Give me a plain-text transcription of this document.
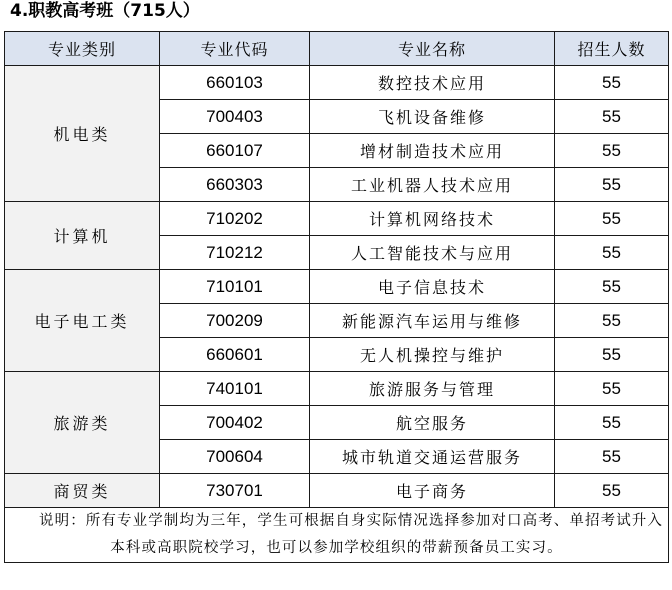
4.职教高考班（715人）
专业类别	专业代码	专业名称	招生人数
机电类	660103	数控技术应用	55
	700403	飞机设备维修	55
	660107	增材制造技术应用	55
	660303	工业机器人技术应用	55
计算机	710202	计算机网络技术	55
	710212	人工智能技术与应用	55
电子电工类	710101	电子信息技术	55
	700209	新能源汽车运用与维修	55
	660601	无人机操控与维护	55
旅游类	740101	旅游服务与管理	55
	700402	航空服务	55
	700604	城市轨道交通运营服务	55
商贸类	730701	电子商务	55

说明：所有专业学制均为三年，学生可根据自身实际情况选择参加对口高考、单招考试升入本科或高职院校学习，也可以参加学校组织的带薪预备员工实习。			
